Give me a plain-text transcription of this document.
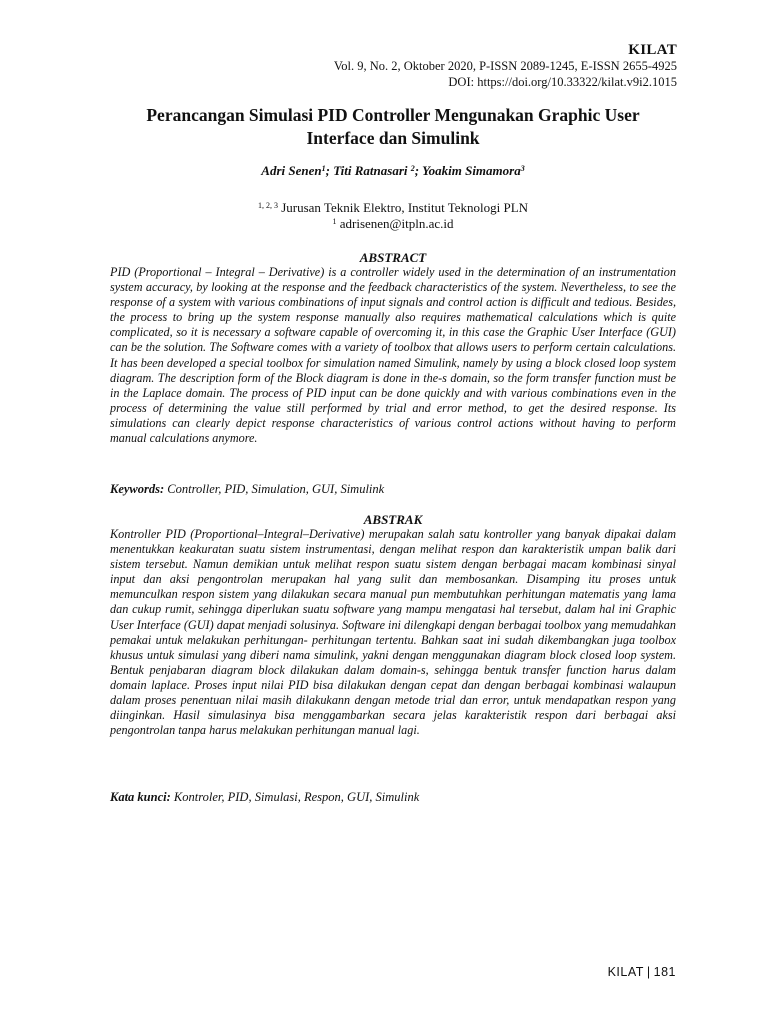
KILAT
Vol. 9, No. 2, Oktober 2020, P-ISSN 2089-1245, E-ISSN 2655-4925
DOI: https://doi.org/10.33322/kilat.v9i2.1015
Perancangan Simulasi PID Controller Mengunakan Graphic User
Interface dan Simulink
Adri Senen$^1$; Titi Ratnasari $^2$; Yoakim Simamora$^3$
$^{1, 2, 3}$ Jurusan Teknik Elektro, Institut Teknologi PLN
$^1$ adrisenen@itpln.ac.id
ABSTRACT
PID (Proportional – Integral – Derivative) is a controller widely used in the determination of an instrumentation system accuracy, by looking at the response and the feedback characteristics of the system. Nevertheless, to see the response of a system with various combinations of input signals and control action is difficult and tedious. Besides, the process to bring up the system response manually also requires mathematical calculations which is quite complicated, so it is necessary a software capable of overcoming it, in this case the Graphic User Interface (GUI) can be the solution. The Software comes with a variety of toolbox that allows users to perform certain calculations. It has been developed a special toolbox for simulation named Simulink, namely by using a block closed loop system diagram. The description form of the Block diagram is done in the-s domain, so the form transfer function must be in the Laplace domain. The process of PID input can be done quickly and with various combinations even in the process of determining the value still performed by trial and error method, to get the desired response. Its simulations can clearly depict response characteristics of various control actions without having to perform manual calculations anymore.
Keywords: Controller, PID, Simulation, GUI, Simulink
ABSTRAK
Kontroller PID (Proportional–Integral–Derivative) merupakan salah satu kontroller yang banyak dipakai dalam menentukkan keakuratan suatu sistem instrumentasi, dengan melihat respon dan karakteristik umpan balik dari sistem tersebut. Namun demikian untuk melihat respon suatu sistem dengan berbagai macam kombinasi sinyal input dan aksi pengontrolan merupakan hal yang sulit dan membosankan. Disamping itu proses untuk memunculkan respon sistem yang dilakukan secara manual pun membutuhkan perhitungan matematis yang lama dan cukup rumit, sehingga diperlukan suatu software yang mampu mengatasi hal tersebut, dalam hal ini Graphic User Interface (GUI) dapat menjadi solusinya. Software ini dilengkapi dengan berbagai toolbox yang memudahkan pemakai untuk melakukan perhitungan- perhitungan tertentu. Bahkan saat ini sudah dikembangkan juga toolbox khusus untuk simulasi yang diberi nama simulink, yakni dengan menggunakan diagram block closed loop system. Bentuk penjabaran diagram block dilakukan dalam domain-s, sehingga bentuk transfer function harus dalam domain laplace. Proses input nilai PID bisa dilakukan dengan cepat dan dengan berbagai kombinasi walaupun dalam proses penentuan nilai masih dilakukann dengan metode trial dan error, untuk mendapatkan respon yang diinginkan. Hasil simulasinya bisa menggambarkan secara jelas karakteristik respon dari berbagai aksi pengontrolan tanpa harus melakukan perhitungan manual lagi.
Kata kunci: Kontroler, PID, Simulasi, Respon, GUI, Simulink
KILAT | 181
